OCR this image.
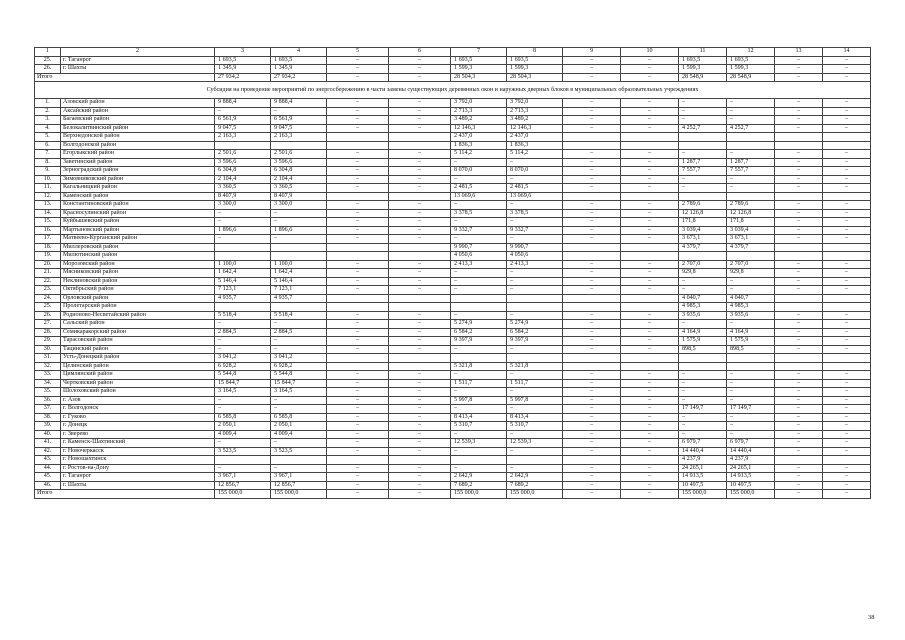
1	2	3	4	5	6	7	8	9	10	11	12	13	14
25.	г. Таганрог	1 693,5	1 693,5	–	–	1 693,5	1 693,5	–	–	1 693,5	1 693,5	–	–
26.	г. Шахты	1 345,9	1 345,9	–	–	1 599,3	1 599,3	–	–	1 599,3	1 599,3	–	–
Итого		27 934,2	27 934,2	–	–	28 504,3	28 504,3	–	–	28 548,9	28 548,9	–	–
Субсидия на проведение мероприятий по энергосбережению в части замены существующих деревянных окон и наружных дверных блоков в муниципальных образовательных учреждениях													
1.	Азовский район	9 888,4	9 888,4	–	–	3 792,0	3 792,0	–	–	–	–	–	–
2.	Аксайский район	–	–	–	–	2 713,3	2 713,3	–	–	–	–	–	–
3.	Багаевский район	6 561,9	6 561,9	–	–	3 489,2	3 489,2	–	–	–	–	–	–
4.	Белокалитвинский район	9 047,5	9 047,5	–	–	12 146,3	12 146,3	–	–	4 252,7	4 252,7	–	–
5.	Верхнедонской район	2 163,3	2 163,3			2 437,0	2 437,0						
6.	Волгодонской район					1 836,3	1 836,3						
7.	Егорлыкский район	2 501,6	2 501,6	–	–	5 114,2	5 114,2	–	–	–	–	–	–
8.	Заветинский район	3 596,6	3 596,6	–	–	–	–	–	–	1 287,7	1 287,7	–	–
9.	Зерноградский район	6 304,8	6 304,8	–	–	8 070,0	8 070,0	–	–	7 557,7	7 557,7	–	–
10.	Зимовниковский район	2 104,4	2 104,4	–	–	–	–	–	–	–	–	–	–
11.	Кагальницкий район	3 360,5	3 360,5	–	–	2 481,5	2 481,5	–	–	–	–	–	–
12.	Каменский район	8 407,9	8 407,9			13 069,6	13 069,6						
13.	Константиновский район	3 300,0	3 300,0	–	–	–	–	–	–	2 789,6	2 789,6	–	–
14.	Красносулинский район	–	–	–	–	3 378,5	3 378,5	–	–	12 126,8	12 126,8	–	–
15.	Куйбышевский район	–	–	–	–	–	–	–	–	171,8	171,8	–	–
16.	Мартыновский район	1 896,6	1 896,6	–	–	9 332,7	9 332,7	–	–	3 039,4	3 039,4	–	–
17.	Матвеево-Курганский район	–	–	–	–	–	–	–	–	3 673,1	3 673,1	–	–
18.	Миллеровский район					9 990,7	9 990,7			4 379,7	4 379,7		
19.	Милютинский район					4 050,6	4 050,6						
20.	Морозовский район	1 100,0	1 100,0	–	–	2 413,3	2 413,3	–	–	2 707,0	2 707,0	–	–
21.	Мясниковский район	1 642,4	1 642,4	–	–	–	–	–	–	929,8	929,8	–	–
22.	Неклиновский район	5 146,4	5 146,4	–	–	–	–	–	–	–	–	–	–
23.	Октябрьский район	7 123,1	7 123,1	–	–	–	–	–	–	–	–	–	–
24.	Орловский район	4 935,7	4 935,7							4 040,7	4 040,7		
25.	Пролетарский район									4 985,3	4 985,3		
26.	Родионово-Несветайский район	5 518,4	5 518,4	–	–	–	–	–	–	3 935,6	3 935,6	–	–
27.	Сальский район	–	–	–	–	5 274,9	5 274,9	–	–	–	–	–	–
28.	Семикаракорский район	2 884,5	2 884,5	–	–	6 584,2	6 584,2	–	–	4 164,9	4 164,9	–	–
29.	Тарасовский район	–	–	–	–	9 397,9	9 397,9	–	–	1 575,9	1 575,9	–	–
30.	Тацинский район	–	–	–	–	–	–	–	–	898,5	898,5	–	–
31.	Усть-Донецкий район	3 041,2	3 041,2										
32.	Целинский район	6 928,2	6 928,2			5 321,8	5 321,8						
33.	Цимлянский район	5 544,8	5 544,8	–	–	–	–	–	–	–	–	–	–
34.	Чертковский район	15 844,7	15 844,7	–	–	1 511,7	1 511,7	–	–	–	–	–	–
35.	Шолоховский район	3 164,5	3 164,5	–	–	–	–	–	–	–	–	–	–
36.	г. Азов	–	–	–	–	5 997,8	5 997,8	–	–	–	–	–	–
37.	г. Волгодонск	–	–	–	–	–	–	–	–	17 149,7	17 149,7	–	–
38.	г. Гуково	6 585,8	6 585,8	–	–	8 413,4	8 413,4	–	–	–	–	–	–
39.	г. Донецк	2 050,1	2 050,1	–	–	5 310,7	5 310,7	–	–	–	–	–	–
40.	г. Зверево	4 009,4	4 009,4	–	–	–	–	–	–	–	–	–	–
41.	г. Каменск-Шахтинский	–	–	–	–	12 539,3	12 539,3	–	–	6 979,7	6 979,7	–	–
42.	г. Новочеркасск	3 523,5	3 523,5	–	–	–	–	–	–	14 440,4	14 440,4	–	–
43.	г. Новошахтинск									4 237,9	4 237,9		
44.	г. Ростов-на-Дону	–	–	–	–	–	–	–	–	24 265,1	24 265,1	–	–
45.	г. Таганрог	3 967,1	3 967,1	–	–	2 642,9	2 642,9	–	–	14 913,5	14 913,5	–	–
46.	г. Шахты	12 856,7	12 856,7	–	–	7 689,2	7 689,2	–	–	10 497,5	10 497,5	–	–
Итого		155 000,0	155 000,0	–	–	155 000,0	155 000,0	–	–	155 000,0	155 000,0	–	–
38
